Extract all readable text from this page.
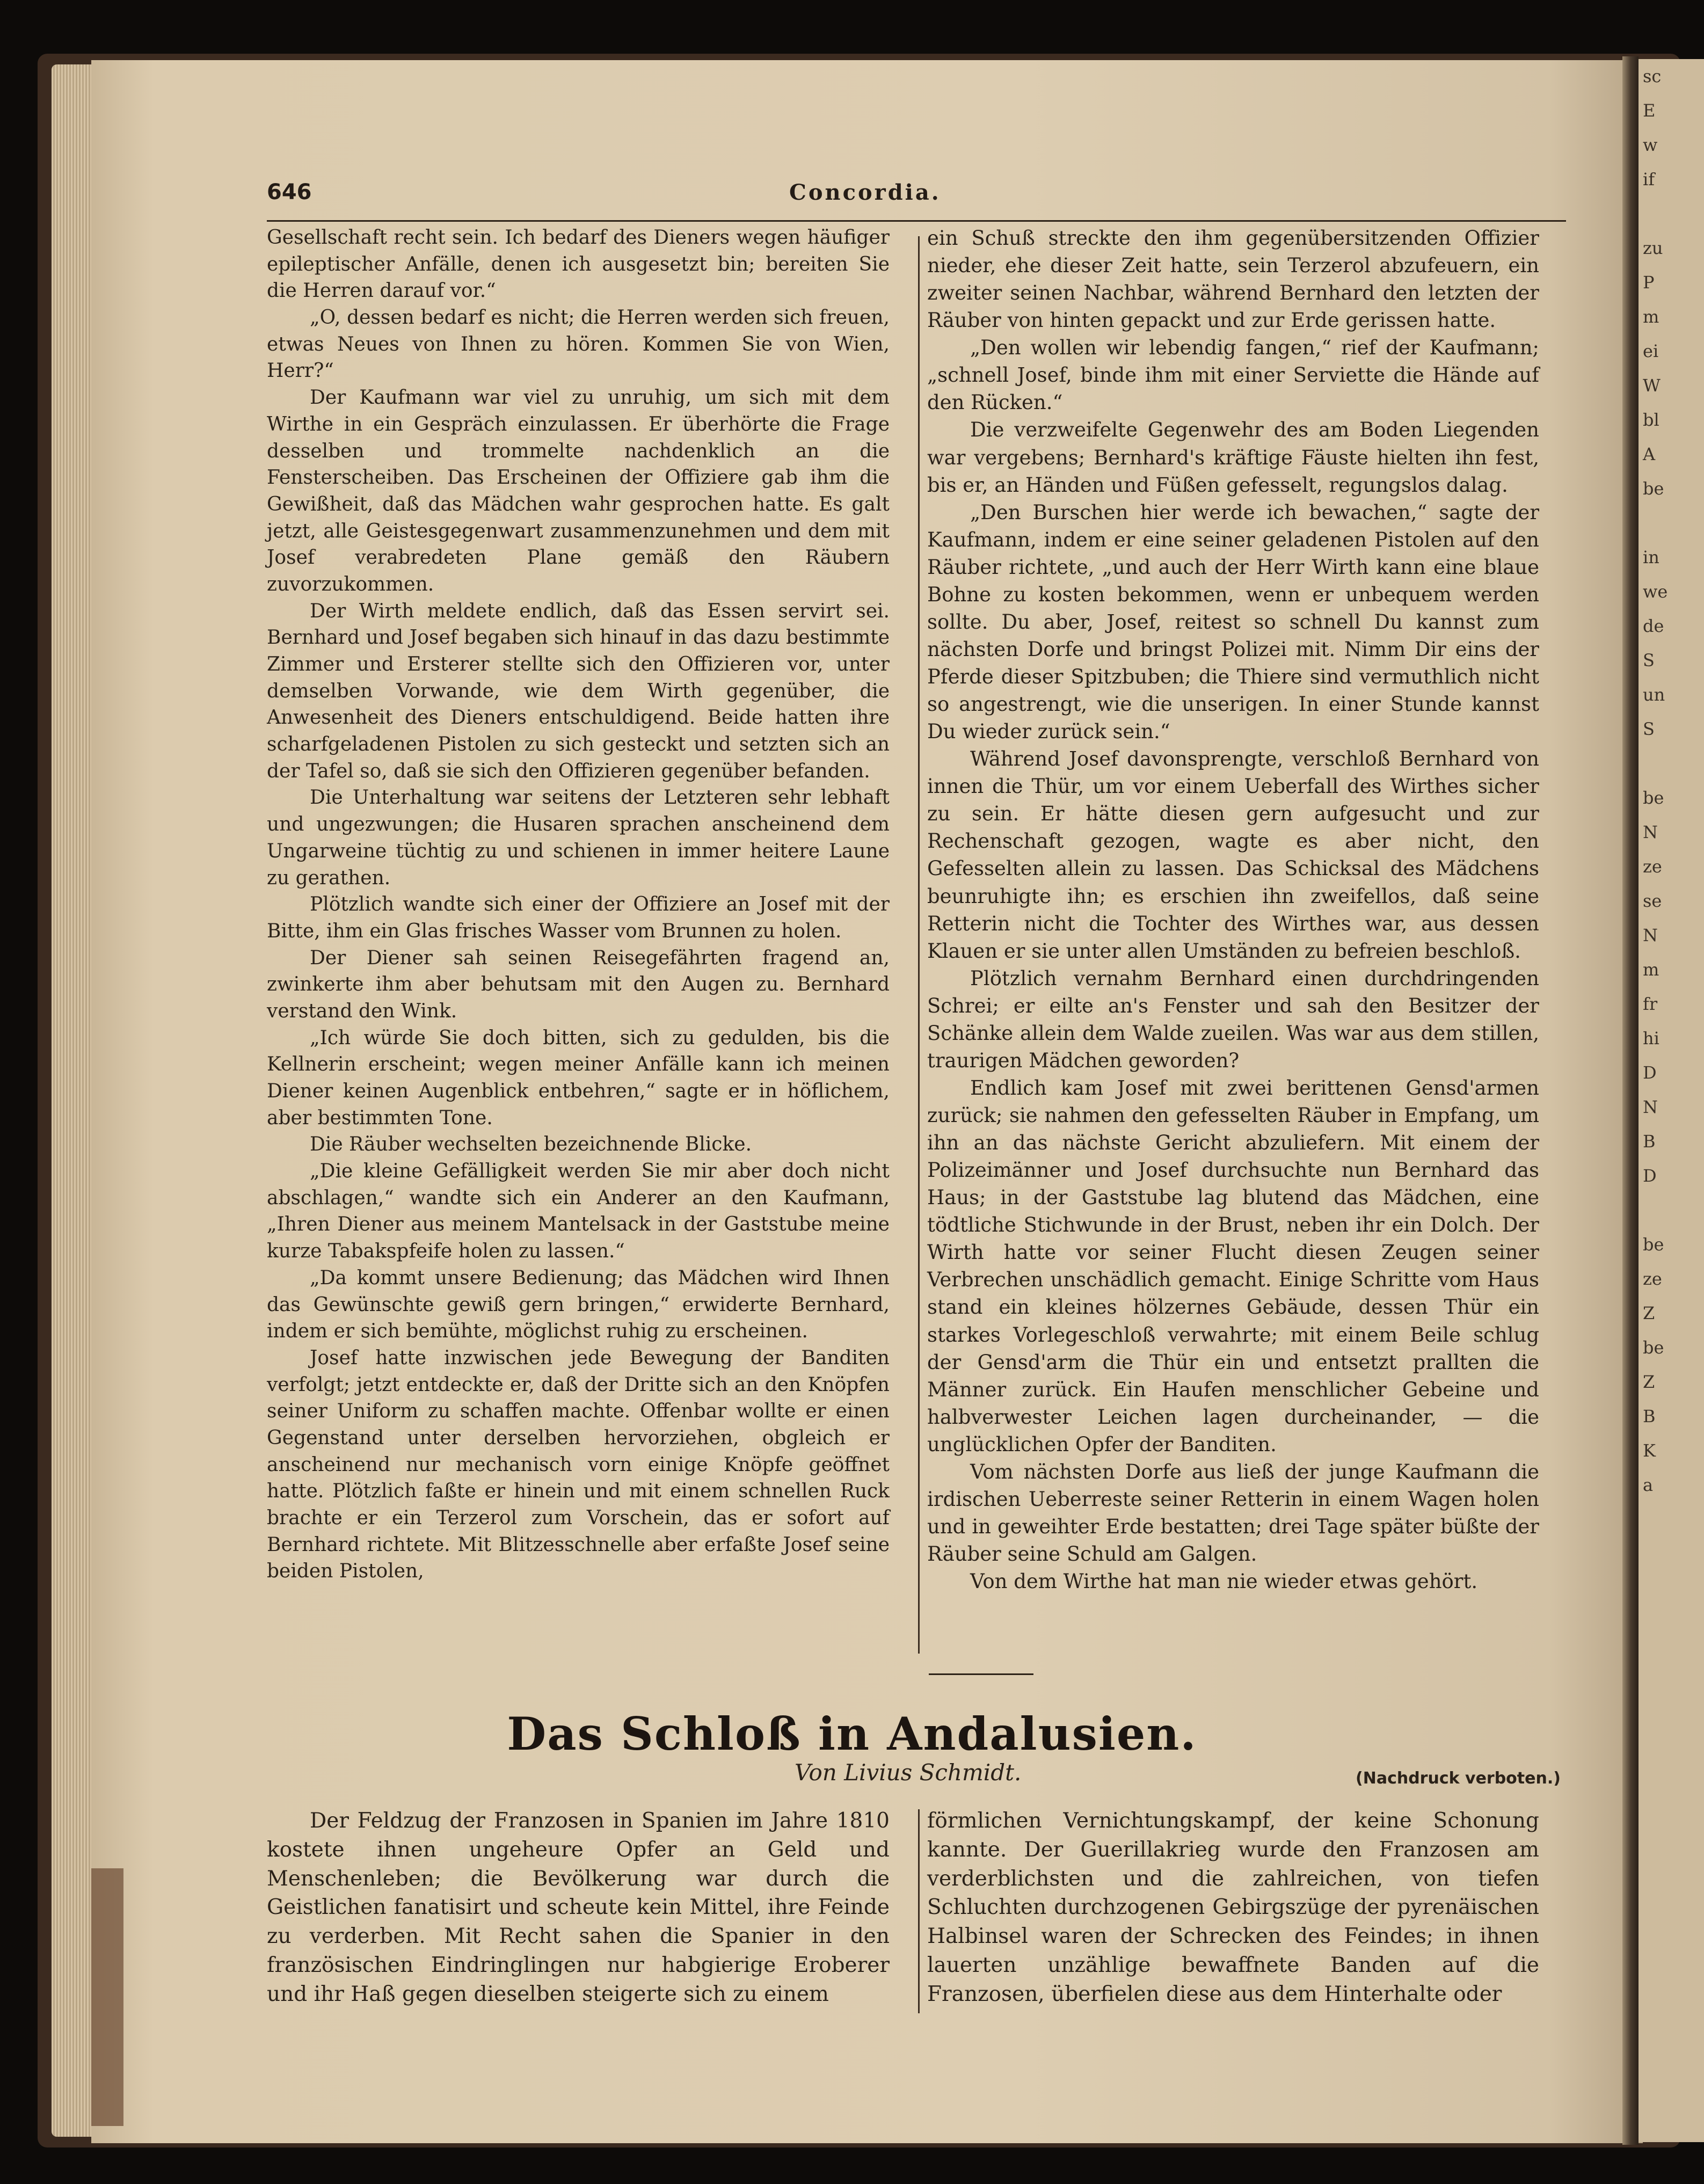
sc
E
w
if
zu
P
m
ei
W
bl
A
be
in
we
de
S
un
S
be
N
ze
se
N
m
fr
hi
D
N
B
D
be
ze
Z
be
Z
B
K
a
646	Concordia.

Gesellschaft recht sein. Ich bedarf des Dieners wegen häufiger epileptischer Anfälle, denen ich ausgesetzt bin; bereiten Sie die Herren darauf vor.“

„O, dessen bedarf es nicht; die Herren werden sich freuen, etwas Neues von Ihnen zu hören. Kommen Sie von Wien, Herr?“

Der Kaufmann war viel zu unruhig, um sich mit dem Wirthe in ein Gespräch einzulassen. Er überhörte die Frage desselben und trommelte nachdenklich an die Fensterscheiben. Das Erscheinen der Offiziere gab ihm die Gewißheit, daß das Mädchen wahr gesprochen hatte. Es galt jetzt, alle Geistesgegenwart zusammenzunehmen und dem mit Josef verabredeten Plane gemäß den Räubern zuvorzukommen.

Der Wirth meldete endlich, daß das Essen servirt sei. Bernhard und Josef begaben sich hinauf in das dazu bestimmte Zimmer und Ersterer stellte sich den Offizieren vor, unter demselben Vorwande, wie dem Wirth gegenüber, die Anwesenheit des Dieners entschuldigend. Beide hatten ihre scharfgeladenen Pistolen zu sich gesteckt und setzten sich an der Tafel so, daß sie sich den Offizieren gegenüber befanden.

Die Unterhaltung war seitens der Letzteren sehr lebhaft und ungezwungen; die Husaren sprachen anscheinend dem Ungarweine tüchtig zu und schienen in immer heitere Laune zu gerathen.

Plötzlich wandte sich einer der Offiziere an Josef mit der Bitte, ihm ein Glas frisches Wasser vom Brunnen zu holen.

Der Diener sah seinen Reisegefährten fragend an, zwinkerte ihm aber behutsam mit den Augen zu. Bernhard verstand den Wink.

„Ich würde Sie doch bitten, sich zu gedulden, bis die Kellnerin erscheint; wegen meiner Anfälle kann ich meinen Diener keinen Augenblick entbehren,“ sagte er in höflichem, aber bestimmten Tone.

Die Räuber wechselten bezeichnende Blicke.

„Die kleine Gefälligkeit werden Sie mir aber doch nicht abschlagen,“ wandte sich ein Anderer an den Kaufmann, „Ihren Diener aus meinem Mantelsack in der Gaststube meine kurze Tabakspfeife holen zu lassen.“

„Da kommt unsere Bedienung; das Mädchen wird Ihnen das Gewünschte gewiß gern bringen,“ erwiderte Bernhard, indem er sich bemühte, möglichst ruhig zu erscheinen.

Josef hatte inzwischen jede Bewegung der Banditen verfolgt; jetzt entdeckte er, daß der Dritte sich an den Knöpfen seiner Uniform zu schaffen machte. Offenbar wollte er einen Gegenstand unter derselben hervorziehen, obgleich er anscheinend nur mechanisch vorn einige Knöpfe geöffnet hatte. Plötzlich faßte er hinein und mit einem schnellen Ruck brachte er ein Terzerol zum Vorschein, das er sofort auf Bernhard richtete. Mit Blitzesschnelle aber erfaßte Josef seine beiden Pistolen,

ein Schuß streckte den ihm gegenübersitzenden Offizier nieder, ehe dieser Zeit hatte, sein Terzerol abzufeuern, ein zweiter seinen Nachbar, während Bernhard den letzten der Räuber von hinten gepackt und zur Erde gerissen hatte.

„Den wollen wir lebendig fangen,“ rief der Kaufmann; „schnell Josef, binde ihm mit einer Serviette die Hände auf den Rücken.“

Die verzweifelte Gegenwehr des am Boden Liegenden war vergebens; Bernhard's kräftige Fäuste hielten ihn fest, bis er, an Händen und Füßen gefesselt, regungslos dalag.

„Den Burschen hier werde ich bewachen,“ sagte der Kaufmann, indem er eine seiner geladenen Pistolen auf den Räuber richtete, „und auch der Herr Wirth kann eine blaue Bohne zu kosten bekommen, wenn er unbequem werden sollte. Du aber, Josef, reitest so schnell Du kannst zum nächsten Dorfe und bringst Polizei mit. Nimm Dir eins der Pferde dieser Spitzbuben; die Thiere sind vermuthlich nicht so angestrengt, wie die unserigen. In einer Stunde kannst Du wieder zurück sein.“

Während Josef davonsprengte, verschloß Bernhard von innen die Thür, um vor einem Ueberfall des Wirthes sicher zu sein. Er hätte diesen gern aufgesucht und zur Rechenschaft gezogen, wagte es aber nicht, den Gefesselten allein zu lassen. Das Schicksal des Mädchens beunruhigte ihn; es erschien ihn zweifellos, daß seine Retterin nicht die Tochter des Wirthes war, aus dessen Klauen er sie unter allen Umständen zu befreien beschloß.

Plötzlich vernahm Bernhard einen durchdringenden Schrei; er eilte an's Fenster und sah den Besitzer der Schänke allein dem Walde zueilen. Was war aus dem stillen, traurigen Mädchen geworden?

Endlich kam Josef mit zwei berittenen Gensd'armen zurück; sie nahmen den gefesselten Räuber in Empfang, um ihn an das nächste Gericht abzuliefern. Mit einem der Polizeimänner und Josef durchsuchte nun Bernhard das Haus; in der Gaststube lag blutend das Mädchen, eine tödtliche Stichwunde in der Brust, neben ihr ein Dolch. Der Wirth hatte vor seiner Flucht diesen Zeugen seiner Verbrechen unschädlich gemacht. Einige Schritte vom Haus stand ein kleines hölzernes Gebäude, dessen Thür ein starkes Vorlegeschloß verwahrte; mit einem Beile schlug der Gensd'arm die Thür ein und entsetzt prallten die Männer zurück. Ein Haufen menschlicher Gebeine und halbverwester Leichen lagen durcheinander, — die unglücklichen Opfer der Banditen.

Vom nächsten Dorfe aus ließ der junge Kaufmann die irdischen Ueberreste seiner Retterin in einem Wagen holen und in geweihter Erde bestatten; drei Tage später büßte der Räuber seine Schuld am Galgen.

Von dem Wirthe hat man nie wieder etwas gehört.

Das Schloß in Andalusien.
Von Livius Schmidt.	(Nachdruck verboten.)

Der Feldzug der Franzosen in Spanien im Jahre 1810 kostete ihnen ungeheure Opfer an Geld und Menschenleben; die Bevölkerung war durch die Geistlichen fanatisirt und scheute kein Mittel, ihre Feinde zu verderben. Mit Recht sahen die Spanier in den französischen Eindringlingen nur habgierige Eroberer und ihr Haß gegen dieselben steigerte sich zu einem

förmlichen Vernichtungskampf, der keine Schonung kannte. Der Guerillakrieg wurde den Franzosen am verderblichsten und die zahlreichen, von tiefen Schluchten durchzogenen Gebirgszüge der pyrenäischen Halbinsel waren der Schrecken des Feindes; in ihnen lauerten unzählige bewaffnete Banden auf die Franzosen, überfielen diese aus dem Hinterhalte oder
